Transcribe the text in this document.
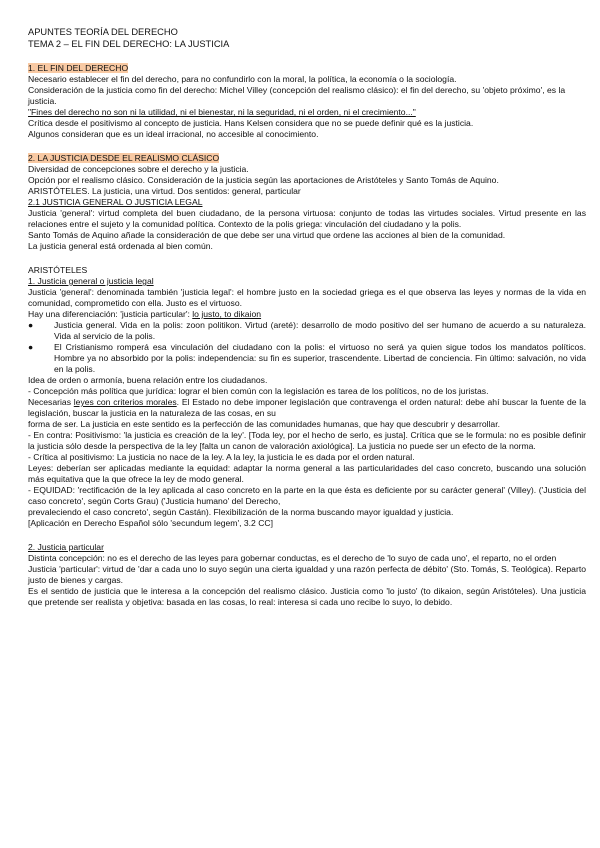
APUNTES TEORÍA DEL DERECHO
TEMA 2 – EL FIN DEL DERECHO: LA JUSTICIA
1. EL FIN DEL DERECHO

Necesario establecer el fin del derecho, para no confundirlo con la moral, la política, la economía o la sociología.

Consideración de la justicia como fin del derecho: Michel Villey (concepción del realismo clásico): el fin del derecho, su 'objeto próximo', es la justicia.

"Fines del derecho no son ni la utilidad, ni el bienestar, ni la seguridad, ni el orden, ni el crecimiento..."

Crítica desde el positivismo al concepto de justicia. Hans Kelsen considera que no se puede definir qué es la justicia.

Algunos consideran que es un ideal irracional, no accesible al conocimiento.

2. LA JUSTICIA DESDE EL REALISMO CLÁSICO

Diversidad de concepciones sobre el derecho y la justicia.

Opción por el realismo clásico. Consideración de la justicia según las aportaciones de Aristóteles y Santo Tomás de Aquino.

ARISTÓTELES. La justicia, una virtud. Dos sentidos: general, particular

2.1 JUSTICIA GENERAL O JUSTICIA LEGAL

Justicia 'general': virtud completa del buen ciudadano, de la persona virtuosa: conjunto de todas las virtudes sociales. Virtud presente en las relaciones entre el sujeto y la comunidad política. Contexto de la polis griega: vinculación del ciudadano y la polis.

Santo Tomás de Aquino añade la consideración de que debe ser una virtud que ordene las acciones al bien de la comunidad.

La justicia general está ordenada al bien común.

ARISTÓTELES

1. Justicia general o justicia legal

Justicia 'general': denominada también 'justicia legal': el hombre justo en la sociedad griega es el que observa las leyes y normas de la vida en comunidad, comprometido con ella. Justo es el virtuoso.

Hay una diferenciación: 'justicia particular': lo justo, to dikaion

●	Justicia general. Vida en la polis: zoon politikon. Virtud (areté): desarrollo de modo positivo del ser humano de acuerdo a su naturaleza. Vida al servicio de la polis.
●	El Cristianismo romperá esa vinculación del ciudadano con la polis: el virtuoso no será ya quien sigue todos los mandatos políticos. Hombre ya no absorbido por la polis: independencia: su fin es superior, trascendente. Libertad de conciencia. Fin último: salvación, no vida en la polis.

Idea de orden o armonía, buena relación entre los ciudadanos.

- Concepción más política que jurídica: lograr el bien común con la legislación es tarea de los políticos, no de los juristas.

Necesarias leyes con criterios morales. El Estado no debe imponer legislación que contravenga el orden natural: debe ahí buscar la fuente de la legislación, buscar la justicia en la naturaleza de las cosas, en su

forma de ser. La justicia en este sentido es la perfección de las comunidades humanas, que hay que descubrir y desarrollar.

- En contra: Positivismo: 'la justicia es creación de la ley'. [Toda ley, por el hecho de serlo, es justa]. Crítica que se le formula: no es posible definir la justicia sólo desde la perspectiva de la ley [falta un canon de valoración axiológica]. La justicia no puede ser un efecto de la norma.

- Crítica al positivismo: La justicia no nace de la ley. A la ley, la justicia le es dada por el orden natural.

Leyes: deberían ser aplicadas mediante la equidad: adaptar la norma general a las particularidades del caso concreto, buscando una solución más equitativa que la que ofrece la ley de modo general.

- EQUIDAD: 'rectificación de la ley aplicada al caso concreto en la parte en la que ésta es deficiente por su carácter general' (Villey). ('Justicia del caso concreto', según Corts Grau) ('Justicia humano' del Derecho,

prevaleciendo el caso concreto', según Castán). Flexibilización de la norma buscando mayor igualdad y justicia.

[Aplicación en Derecho Español sólo 'secundum legem', 3.2 CC]

2. Justicia particular

Distinta concepción: no es el derecho de las leyes para gobernar conductas, es el derecho de 'lo suyo de cada uno', el reparto, no el orden

Justicia 'particular': virtud de 'dar a cada uno lo suyo según una cierta igualdad y una razón perfecta de débito' (Sto. Tomás, S. Teológica). Reparto justo de bienes y cargas.

Es el sentido de justicia que le interesa a la concepción del realismo clásico. Justicia como 'lo justo' (to dikaion, según Aristóteles). Una justicia que pretende ser realista y objetiva: basada en las cosas, lo real: interesa si cada uno recibe lo suyo, lo debido.
